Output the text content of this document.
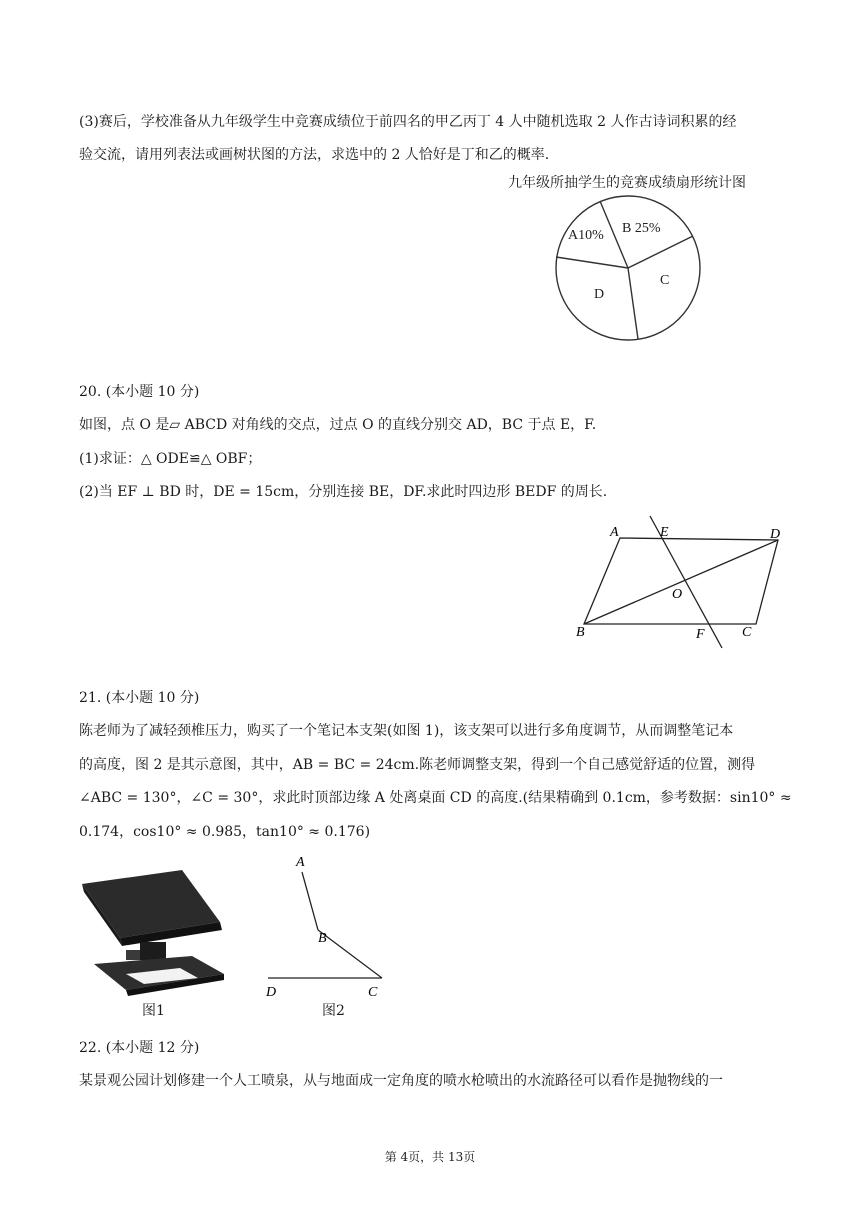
(3)赛后，学校准备从九年级学生中竞赛成绩位于前四名的甲乙丙丁 4 人中随机选取 2 人作古诗词积累的经
验交流，请用列表法或画树状图的方法，求选中的 2 人恰好是丁和乙的概率.
九年级所抽学生的竞赛成绩扇形统计图
A10% B 25%
C
D
20. (本小题 10 分)
如图，点 O 是▱ ABCD 对角线的交点，过点 O 的直线分别交 AD，BC 于点 E，F.
(1)求证：△ ODE≌△ OBF；
(2)当 EF ⊥ BD 时，DE = 15cm，分别连接 BE，DF.求此时四边形 BEDF 的周长.
A	E	D
O
B	F	C
21. (本小题 10 分)
陈老师为了减轻颈椎压力，购买了一个笔记本支架(如图 1)，该支架可以进行多角度调节，从而调整笔记本
的高度，图 2 是其示意图，其中，AB = BC = 24cm.陈老师调整支架，得到一个自己感觉舒适的位置，测得
∠ABC = 130°，∠C = 30°，求此时顶部边缘 A 处离桌面 CD 的高度.(结果精确到 0.1cm，参考数据：sin10° ≈
0.174，cos10° ≈ 0.985，tan10° ≈ 0.176)
图1
A
B
D	C
图2
22. (本小题 12 分)
某景观公园计划修建一个人工喷泉，从与地面成一定角度的喷水枪喷出的水流路径可以看作是抛物线的一
第 4页，共 13页
